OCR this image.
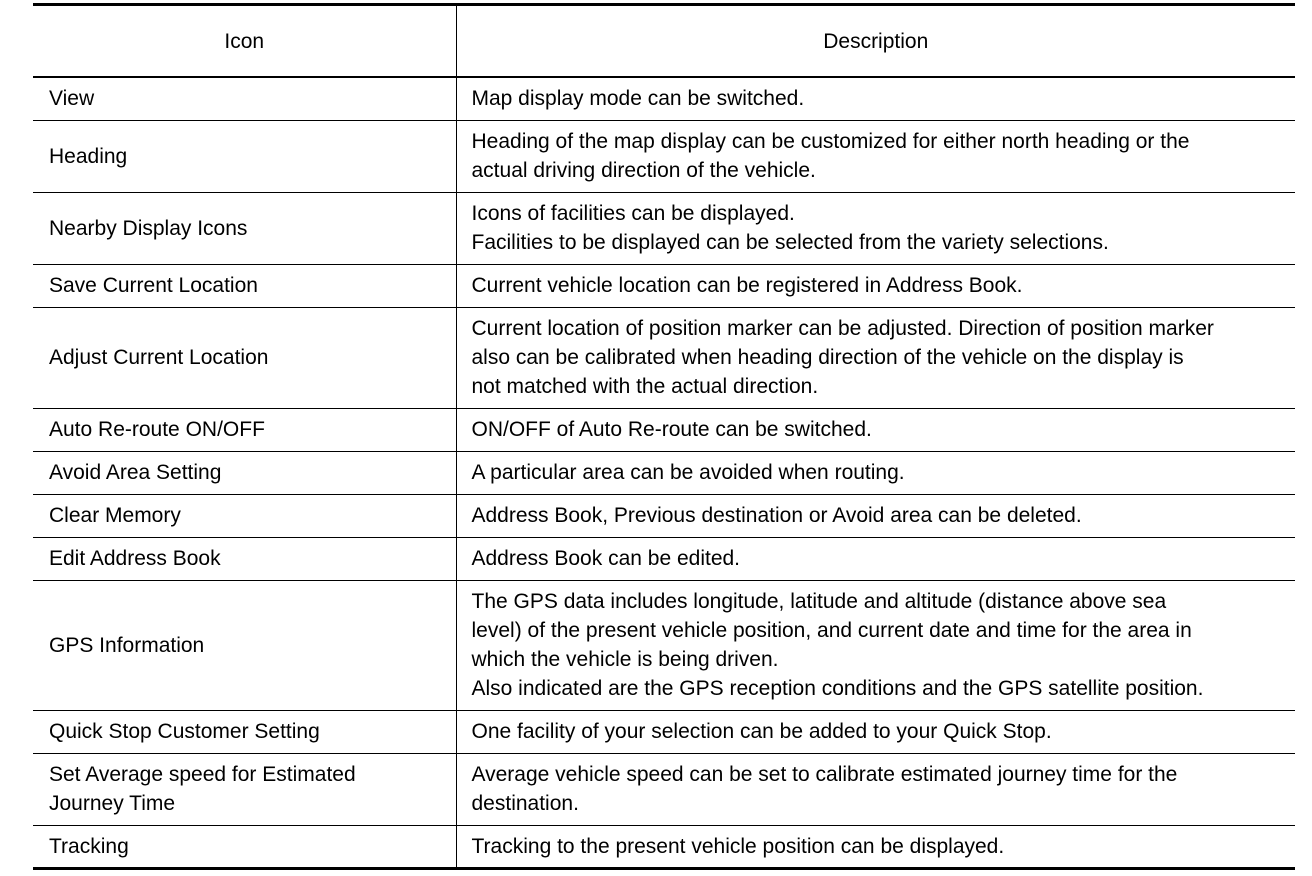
Icon	Description
View	Map display mode can be switched.

Heading	Heading of the map display can be customized for either north heading or the
actual driving direction of the vehicle.

Nearby Display Icons	Icons of facilities can be displayed.
Facilities to be displayed can be selected from the variety selections.

Save Current Location	Current vehicle location can be registered in Address Book.

Adjust Current Location	Current location of position marker can be adjusted. Direction of position marker
also can be calibrated when heading direction of the vehicle on the display is
not matched with the actual direction.

Auto Re-route ON/OFF	ON/OFF of Auto Re-route can be switched.

Avoid Area Setting	A particular area can be avoided when routing.

Clear Memory	Address Book, Previous destination or Avoid area can be deleted.

Edit Address Book	Address Book can be edited.

GPS Information	The GPS data includes longitude, latitude and altitude (distance above sea
level) of the present vehicle position, and current date and time for the area in
which the vehicle is being driven.
Also indicated are the GPS reception conditions and the GPS satellite position.

Quick Stop Customer Setting	One facility of your selection can be added to your Quick Stop.

Set Average speed for Estimated
Journey Time	Average vehicle speed can be set to calibrate estimated journey time for the
destination.

Tracking	Tracking to the present vehicle position can be displayed.
